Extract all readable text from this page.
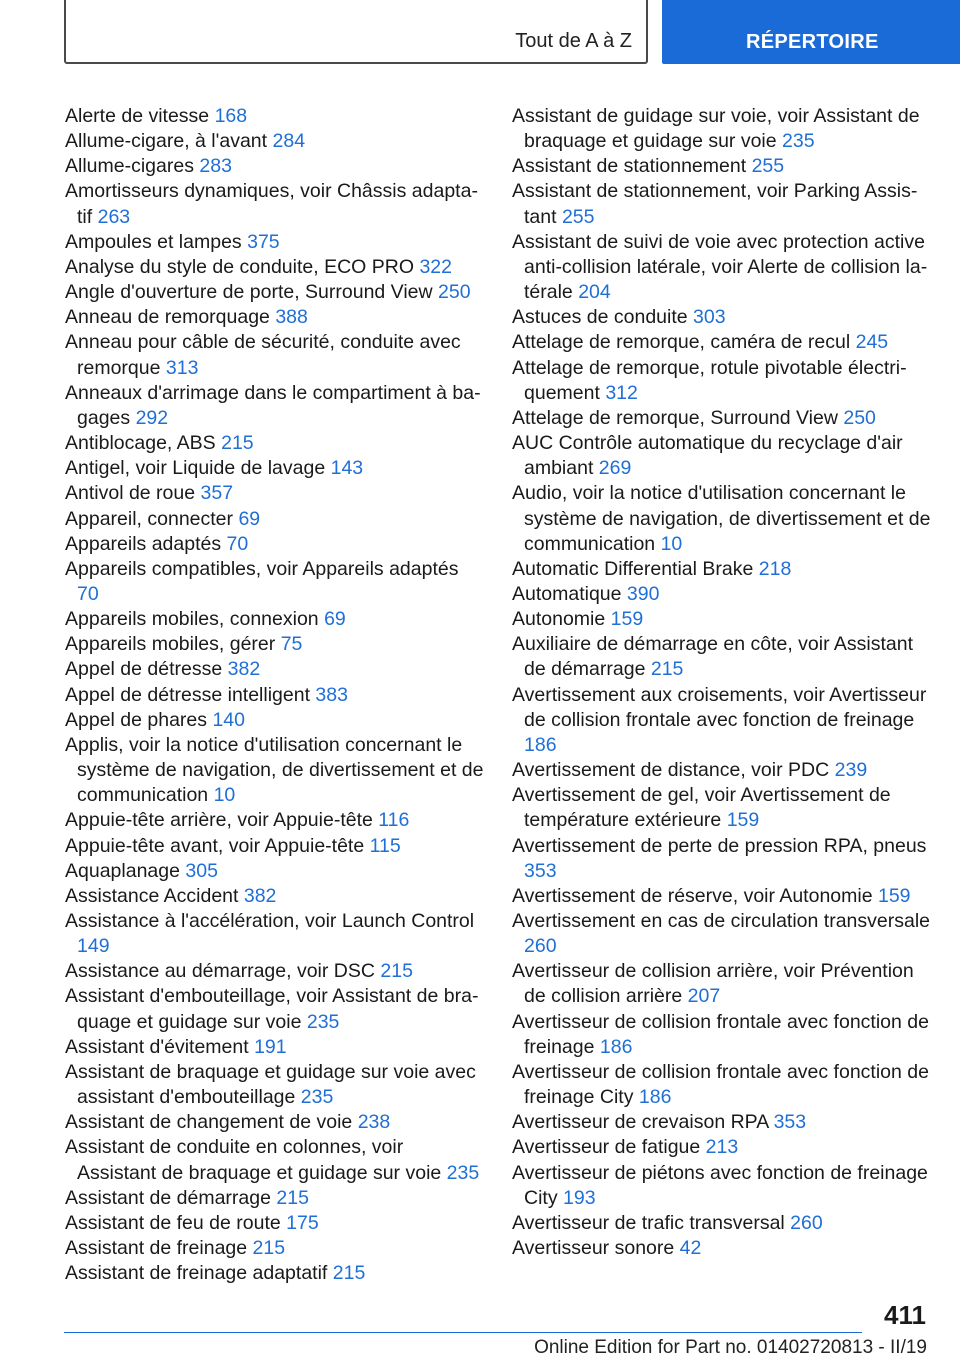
Tout de A à Z	RÉPERTOIRE
Alerte de vitesse 168
Allume-cigare, à l'avant 284
Allume-cigares 283
Amortisseurs dynamiques, voir Châssis adaptatif 263
Ampoules et lampes 375
Analyse du style de conduite, ECO PRO 322
Angle d'ouverture de porte, Surround View 250
Anneau de remorquage 388
Anneau pour câble de sécurité, conduite avec remorque 313
Anneaux d'arrimage dans le compartiment à bagages 292
Antiblocage, ABS 215
Antigel, voir Liquide de lavage 143
Antivol de roue 357
Appareil, connecter 69
Appareils adaptés 70
Appareils compatibles, voir Appareils adaptés 70
Appareils mobiles, connexion 69
Appareils mobiles, gérer 75
Appel de détresse 382
Appel de détresse intelligent 383
Appel de phares 140
Applis, voir la notice d'utilisation concernant le système de navigation, de divertissement et de communication 10
Appuie-tête arrière, voir Appuie-tête 116
Appuie-tête avant, voir Appuie-tête 115
Aquaplanage 305
Assistance Accident 382
Assistance à l'accélération, voir Launch Control 149
Assistance au démarrage, voir DSC 215
Assistant d'embouteillage, voir Assistant de braquage et guidage sur voie 235
Assistant d'évitement 191
Assistant de braquage et guidage sur voie avec assistant d'embouteillage 235
Assistant de changement de voie 238
Assistant de conduite en colonnes, voir Assistant de braquage et guidage sur voie 235
Assistant de démarrage 215
Assistant de feu de route 175
Assistant de freinage 215
Assistant de freinage adaptatif 215
Assistant de guidage sur voie, voir Assistant de braquage et guidage sur voie 235
Assistant de stationnement 255
Assistant de stationnement, voir Parking Assistant 255
Assistant de suivi de voie avec protection active anti-collision latérale, voir Alerte de collision latérale 204
Astuces de conduite 303
Attelage de remorque, caméra de recul 245
Attelage de remorque, rotule pivotable électriquement 312
Attelage de remorque, Surround View 250
AUC Contrôle automatique du recyclage d'air ambiant 269
Audio, voir la notice d'utilisation concernant le système de navigation, de divertissement et de communication 10
Automatic Differential Brake 218
Automatique 390
Autonomie 159
Auxiliaire de démarrage en côte, voir Assistant de démarrage 215
Avertissement aux croisements, voir Avertisseur de collision frontale avec fonction de freinage 186
Avertissement de distance, voir PDC 239
Avertissement de gel, voir Avertissement de température extérieure 159
Avertissement de perte de pression RPA, pneus 353
Avertissement de réserve, voir Autonomie 159
Avertissement en cas de circulation transversale 260
Avertisseur de collision arrière, voir Prévention de collision arrière 207
Avertisseur de collision frontale avec fonction de freinage 186
Avertisseur de collision frontale avec fonction de freinage City 186
Avertisseur de crevaison RPA 353
Avertisseur de fatigue 213
Avertisseur de piétons avec fonction de freinage City 193
Avertisseur de trafic transversal 260
Avertisseur sonore 42
411
Online Edition for Part no. 01402720813 - II/19
